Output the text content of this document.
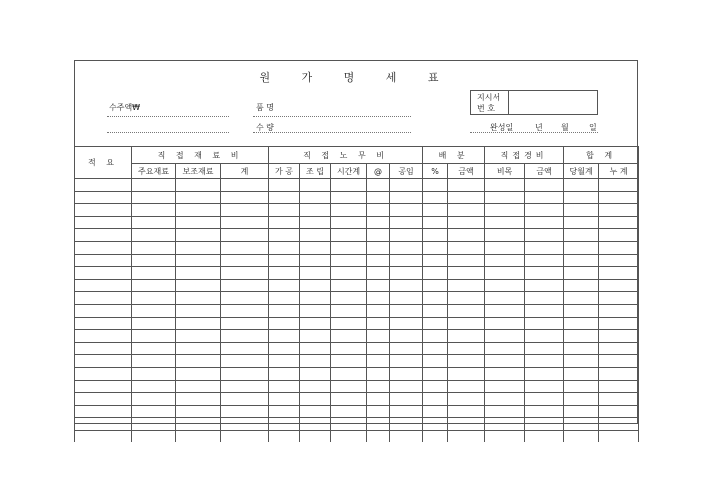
원 가 명 세 표
수주액₩	품 명
수 량
지시서
번 호
완성일	년 월	일
적 요	직 접 재 료 비			직 접 노 무 비					배 분		직접경비		합 계	
	주요재료	보조재료	계	가 공	조 립	시간계	@	공임	%	금액	비목	금액	당월계	누 계
